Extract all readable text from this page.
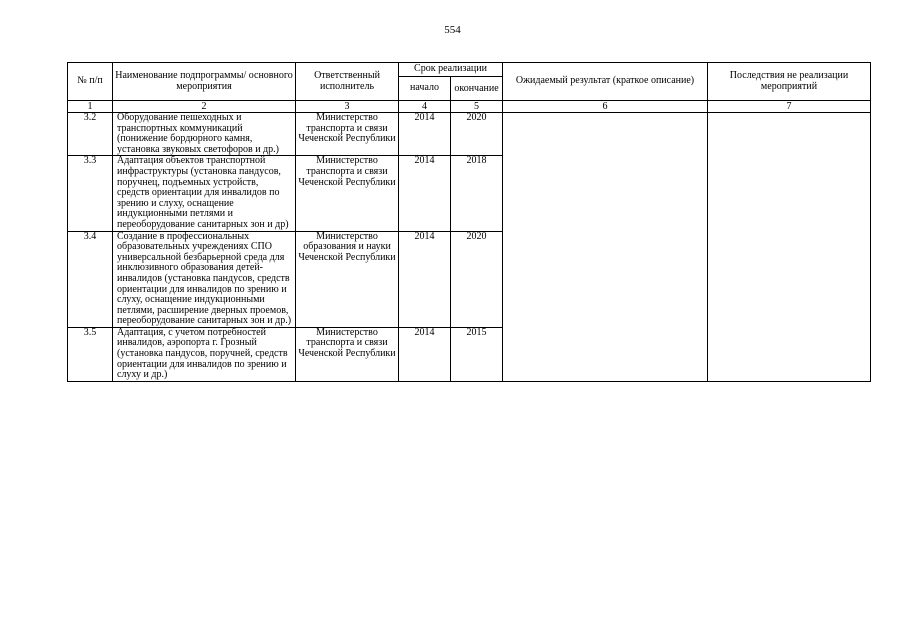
554
№ п/п	Наименование подпрограммы/ основного мероприятия	Ответственный исполнитель	Срок реализации		Ожидаемый результат (краткое описание)	Последствия не реализации мероприятий
			начало	окончание		
1	2	3	4	5	6	7
3.2	Оборудование пешеходных и транспортных коммуникаций (понижение бордюрного камня, установка звуковых светофоров и др.)	Министерство транспорта и связи Чеченской Республики	2014	2020		
3.3	Адаптация объектов транспортной инфраструктуры (установка пандусов, поручнец, подъемных устройств, средств ориентации для инвалидов по зрению и слуху, оснащение индукционными петлями и переоборудование санитарных зон и др)	Министерство транспорта и связи Чеченской Республики	2014	2018		
3.4	Создание в профессиональных образовательных учреждениях СПО универсальной безбарьерной среда для инклюзивного образования детей-инвалидов (установка пандусов, средств ориентации для инвалидов по зрению и слуху, оснащение индукционными петлями, расширение дверных проемов, переоборудование санитарных зон и др.)	Министерство образования и науки Чеченской Республики	2014	2020		
3.5	Адаптация, с учетом потребностей инвалидов, аэропорта г. Грозный (установка пандусов, поручней, средств ориентации для инвалидов по зрению и слуху и др.)	Министерство транспорта и связи Чеченской Республики	2014	2015		
